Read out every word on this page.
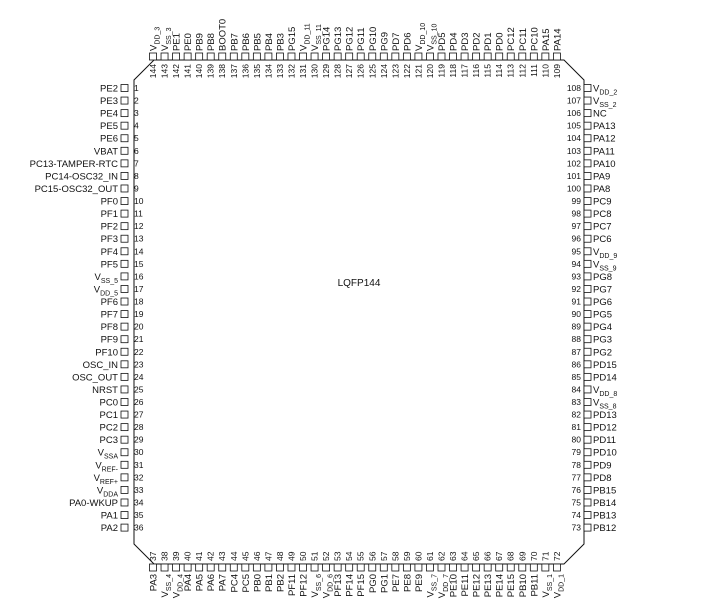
LQFP144
PE2 1
PE3 2
PE4 3
PE5 4
PE6 5
VBAT 6
PC13-TAMPER-RTC 7
PC14-OSC32_IN 8
PC15-OSC32_OUT 9
PF0 10
PF1 11
PF2 12
PF3 13
PF4 14
PF5 15
VSS_5 16
VDD_5 17
PF6 18
PF7 19
PF8 20
PF9 21
PF10 22
OSC_IN 23
OSC_OUT 24
NRST 25
PC0 26
PC1 27
PC2 28
PC3 29
VSSA 30
VREF- 31
VREF+ 32
VDDA 33
PA0-WKUP 34
PA1 35
PA2 36
VDD_2
108
VSS_2
107
NC
106
PA13
105
PA12
104
PA11
103
PA10
102
PA9
101
PA8
100
PC9
99
PC8
98
PC7
97
PC6
96
VDD_9
95
VSS_9
94
PG8
93
PG7
92
PG6
91
PG5
90
PG4
89
PG3
88
PG2
87
PD15
86
PD14
85
VDD_8
84
VSS_8
83
PD13
82
PD12
81
PD11
80
PD10
79
PD9
78
PD8
77
PB15
76
PB14
75
PB13
74
PB12
73
VDD_3
144
VSS_3
143
PE1
142
PE0
141
PB9
140
PB8
139
BOOT0
138
PB7
137
PB6
136
PB5
135
PB4
134
PB3
133
PG15
132
VDD_11
131
VSS_11
130
PG14
129
PG13
128
PG12
127
PG11
126
PG10
125
PG9
124
PD7
123
PD6
122
VDD_10
121
VSS_10
120
PD5
119
PD4
118
PD3
117
PD2
116
PD1
115
PD0
114
PC12
113
PC11
112
PC10
111
PA15
110
PA14
109
PA3
37
VSS_4
38
VDD_4
39
PA4
40
PA5
41
PA6
42
PA7
43
PC4
44
PC5
45
PB0
46
PB1
47
PB2
48
PF11
49
PF12
50
VSS_6
51
VDD_6
52
PF13
53
PF14
54
PF15
55
PG0
56
PG1
57
PE7
58
PE8
59
PE9
60
VSS_7
61
VDD_7
62
PE10
63
PE11
64
PE12
65
PE13
66
PE14
67
PE15
68
PB10
69
PB11
70
VSS_1
71
VDD_1
72
